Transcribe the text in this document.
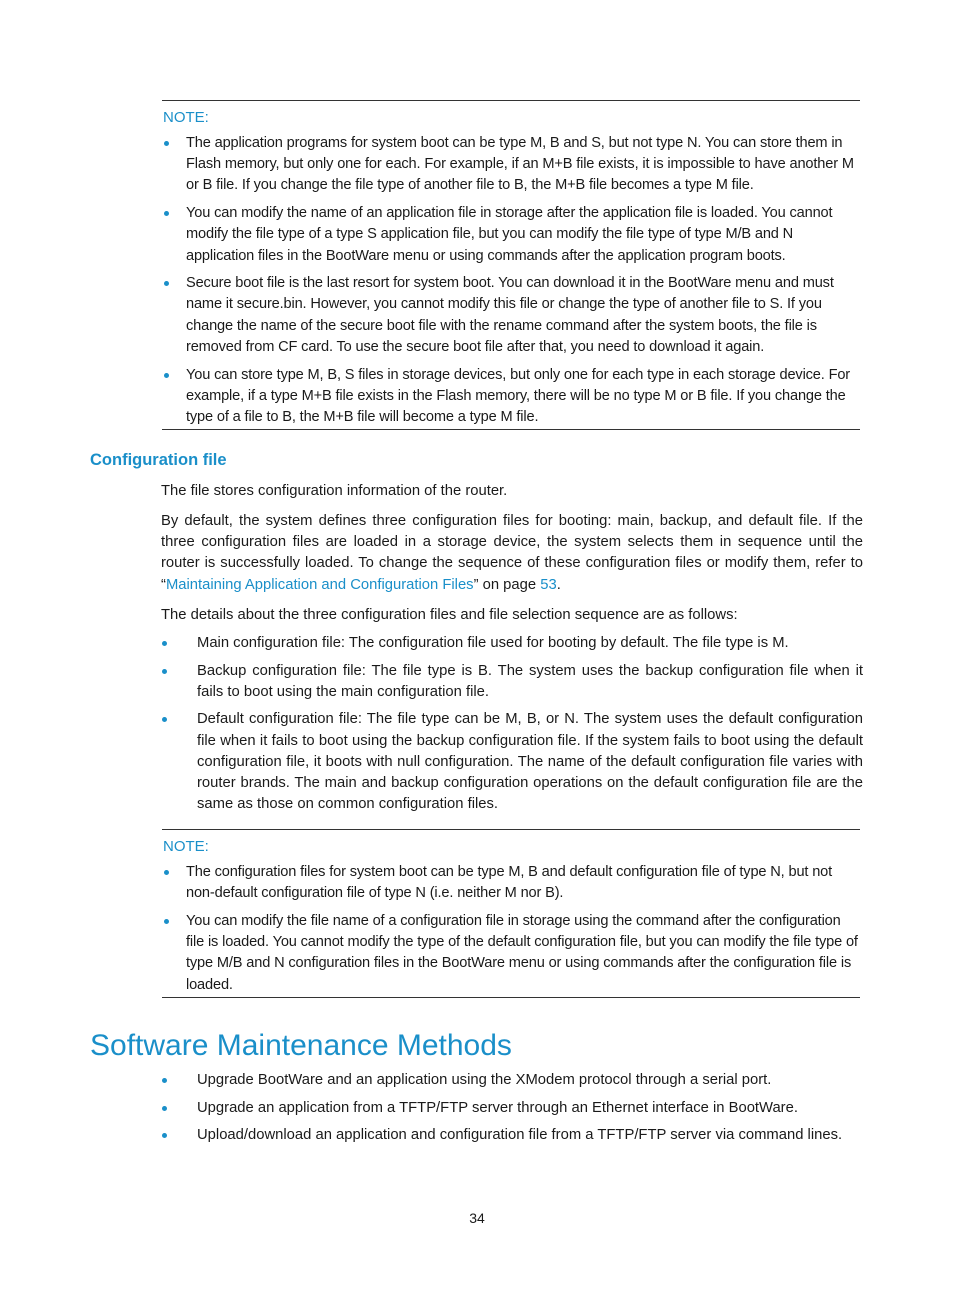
NOTE:
The application programs for system boot can be type M, B and S, but not type N. You can store them in Flash memory, but only one for each. For example, if an M+B file exists, it is impossible to have another M or B file. If you change the file type of another file to B, the M+B file becomes a type M file.
You can modify the name of an application file in storage after the application file is loaded. You cannot modify the file type of a type S application file, but you can modify the file type of type M/B and N application files in the BootWare menu or using commands after the application program boots.
Secure boot file is the last resort for system boot. You can download it in the BootWare menu and must name it secure.bin. However, you cannot modify this file or change the type of another file to S. If you change the name of the secure boot file with the rename command after the system boots, the file is removed from CF card. To use the secure boot file after that, you need to download it again.
You can store type M, B, S files in storage devices, but only one for each type in each storage device. For example, if a type M+B file exists in the Flash memory, there will be no type M or B file. If you change the type of a file to B, the M+B file will become a type M file.
Configuration file

The file stores configuration information of the router.

By default, the system defines three configuration files for booting: main, backup, and default file. If the three configuration files are loaded in a storage device, the system selects them in sequence until the router is successfully loaded. To change the sequence of these configuration files or modify them, refer to “Maintaining Application and Configuration Files” on page 53.

The details about the three configuration files and file selection sequence are as follows:

Main configuration file: The configuration file used for booting by default. The file type is M.
Backup configuration file: The file type is B. The system uses the backup configuration file when it fails to boot using the main configuration file.
Default configuration file: The file type can be M, B, or N. The system uses the default configuration file when it fails to boot using the backup configuration file. If the system fails to boot using the default configuration file, it boots with null configuration. The name of the default configuration file varies with router brands. The main and backup configuration operations on the default configuration file are the same as those on common configuration files.
NOTE:
The configuration files for system boot can be type M, B and default configuration file of type N, but not non-default configuration file of type N (i.e. neither M nor B).
You can modify the file name of a configuration file in storage using the command after the configuration file is loaded. You cannot modify the type of the default configuration file, but you can modify the file type of type M/B and N configuration files in the BootWare menu or using commands after the configuration file is loaded.
Software Maintenance Methods
Upgrade BootWare and an application using the XModem protocol through a serial port.
Upgrade an application from a TFTP/FTP server through an Ethernet interface in BootWare.
Upload/download an application and configuration file from a TFTP/FTP server via command lines.
34
